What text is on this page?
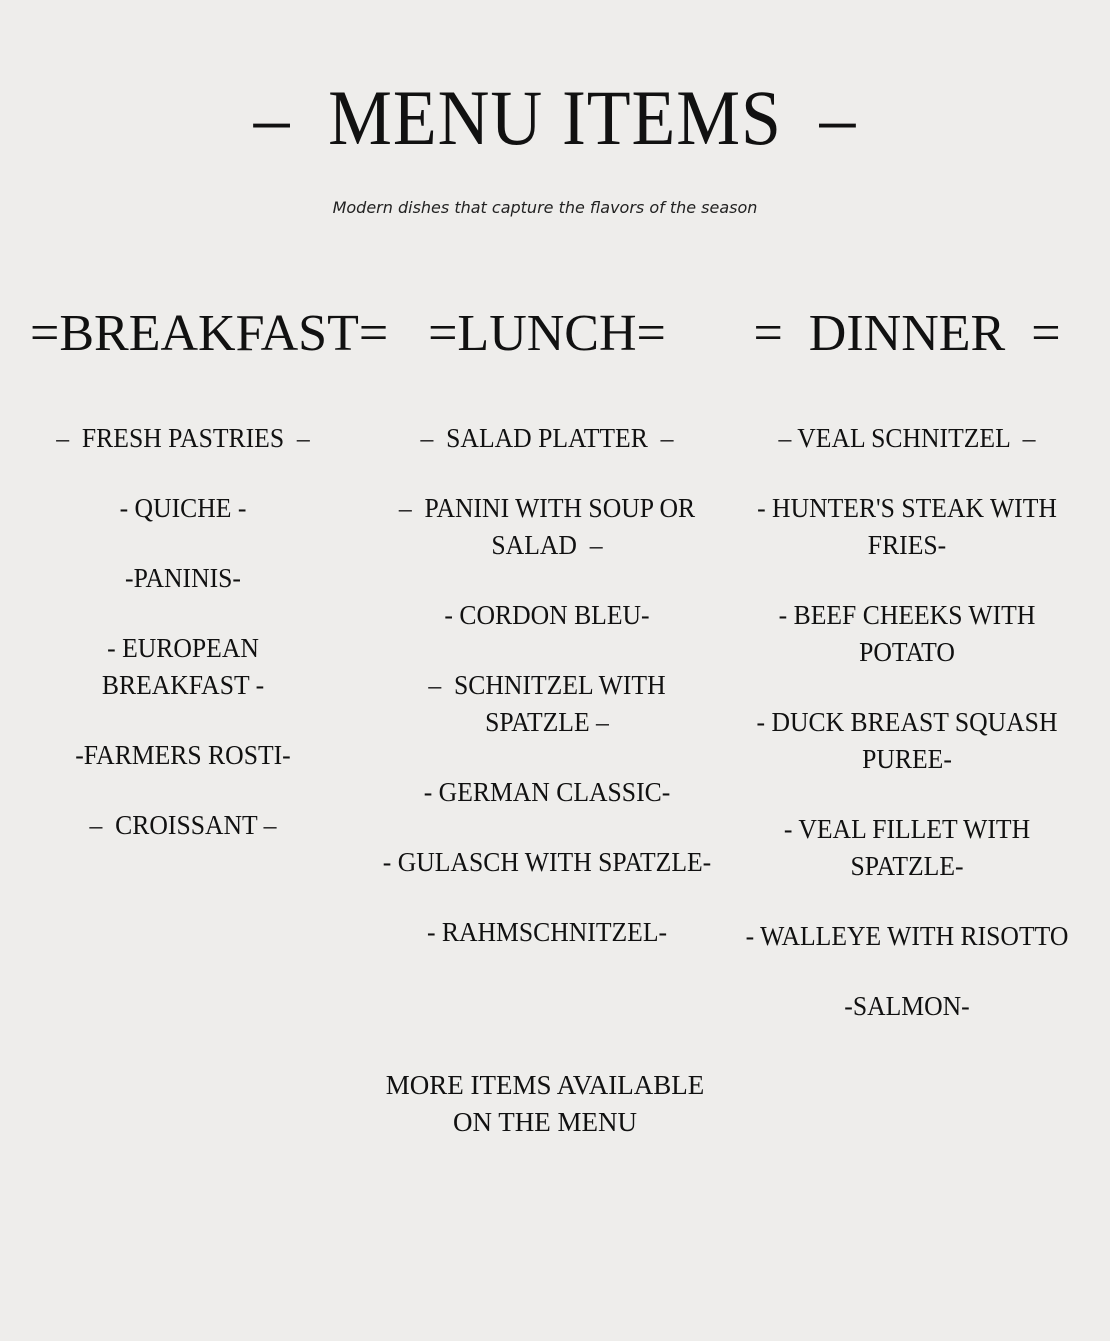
–  MENU ITEMS  –

Modern dishes that capture the flavors of the season

=BREAKFAST=
–  FRESH PASTRIES  –
- QUICHE -
-PANINIS-
- EUROPEAN BREAKFAST -
-FARMERS ROSTI-
–  CROISSANT –
=LUNCH=
–  SALAD PLATTER  –
–  PANINI WITH SOUP OR SALAD  –
- CORDON BLEU-
–  SCHNITZEL WITH SPATZLE –
- GERMAN CLASSIC-
- GULASCH WITH SPATZLE-
- RAHMSCHNITZEL-
=  DINNER  =
– VEAL SCHNITZEL  –
- HUNTER'S STEAK WITH FRIES-
- BEEF CHEEKS WITH POTATO
- DUCK BREAST SQUASH PUREE-
- VEAL FILLET WITH SPATZLE-
- WALLEYE WITH RISOTTO
-SALMON-

MORE ITEMS AVAILABLE ON THE MENU
